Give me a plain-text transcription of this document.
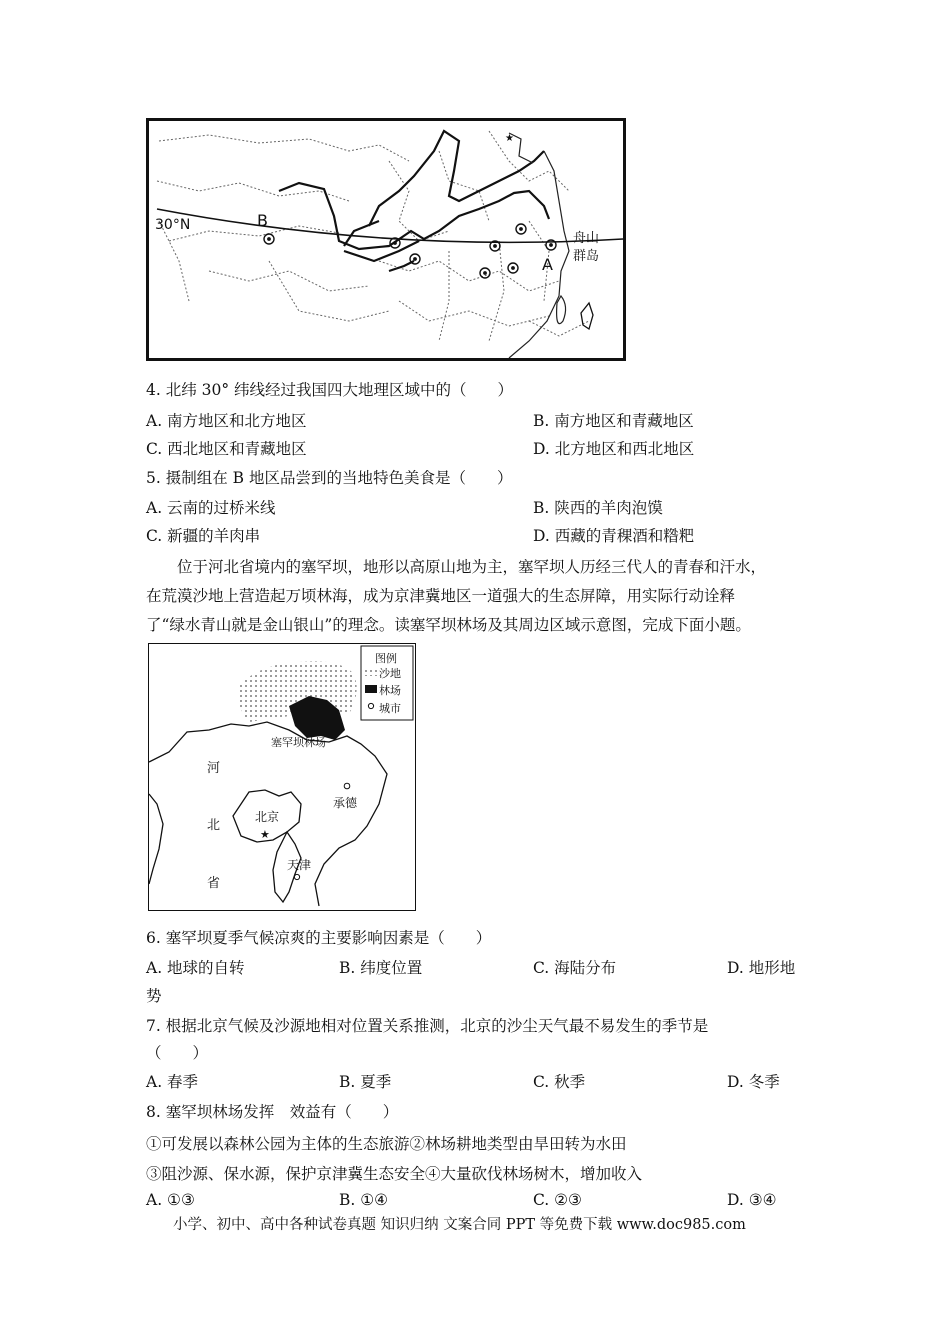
★
30°N	B
A
舟山
群岛
4. 北纬 30° 纬线经过我国四大地理区域中的（　　）
A. 南方地区和北方地区	B. 南方地区和青藏地区
C. 西北地区和青藏地区	D. 北方地区和西北地区
5. 摄制组在 B 地区品尝到的当地特色美食是（　　）
A. 云南的过桥米线	B. 陕西的羊肉泡馍
C. 新疆的羊肉串	D. 西藏的青稞酒和糌粑
　　位于河北省境内的塞罕坝，地形以高原山地为主，塞罕坝人历经三代人的青春和汗水，
在荒漠沙地上营造起万顷林海，成为京津冀地区一道强大的生态屏障，用实际行动诠释
了“绿水青山就是金山银山”的理念。读塞罕坝林场及其周边区域示意图，完成下面小题。
★
图例
沙地
林场
城市
塞罕坝林场
河
北
省
承德
北京
天津
6. 塞罕坝夏季气候凉爽的主要影响因素是（　　）
A. 地球的自转	B. 纬度位置	C. 海陆分布	D. 地形地
势
7. 根据北京气候及沙源地相对位置关系推测，北京的沙尘天气最不易发生的季节是
（　　）
A. 春季	B. 夏季	C. 秋季	D. 冬季
8. 塞罕坝林场发挥　效益有（　　）
①可发展以森林公园为主体的生态旅游②林场耕地类型由旱田转为水田
③阻沙源、保水源，保护京津冀生态安全④大量砍伐林场树木，增加收入
A. ①③	B. ①④	C. ②③	D. ③④
小学、初中、高中各种试卷真题 知识归纳 文案合同 PPT 等免费下载 www.doc985.com
